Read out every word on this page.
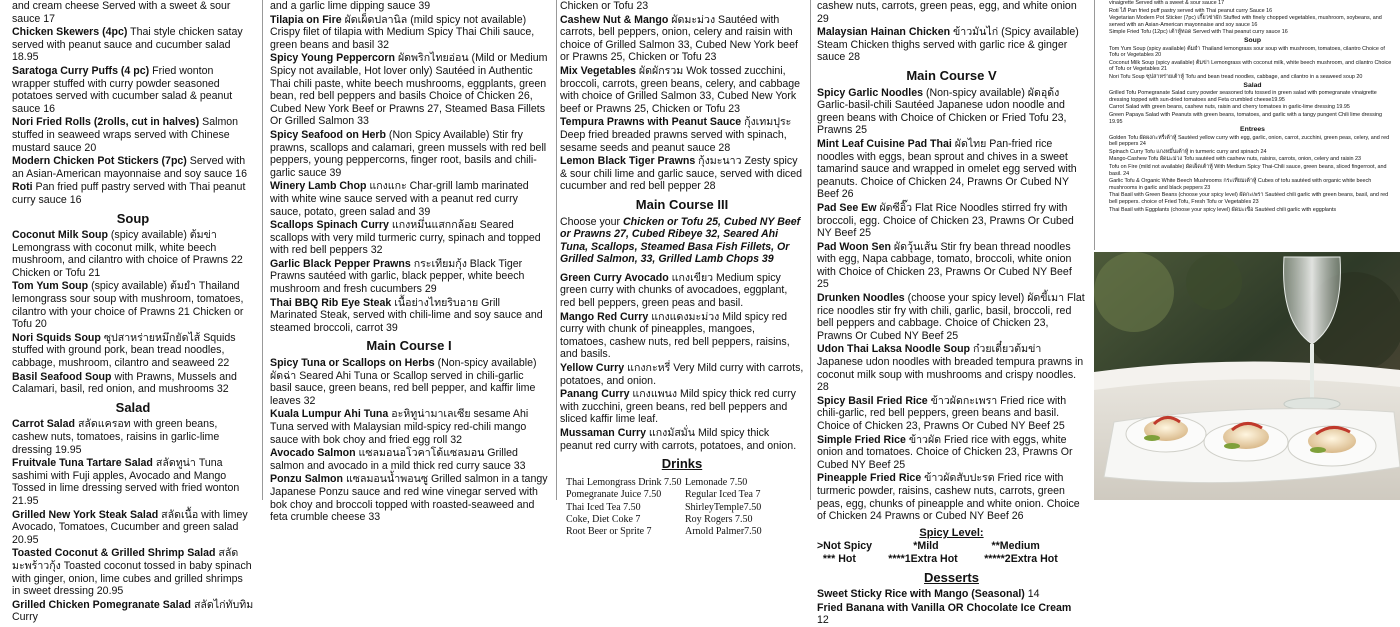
and cream cheese Served with a sweet & sour sauce 17
Chicken Skewers (4pc) Thai style chicken satay served with peanut sauce and cucumber salad 18.95
Saratoga Curry Puffs (4 pc) Fried wonton wrapper stuffed with curry powder seasoned potatoes served with cucumber salad & peanut sauce 16
Nori Fried Rolls (2rolls, cut in halves) Salmon stuffed in seaweed wraps served with Chinese mustard sauce 20
Modern Chicken Pot Stickers (7pc) Served with an Asian-American mayonnaise and soy sauce 16
Roti Pan fried puff pastry served with Thai peanut curry sauce 16
Soup
Coconut Milk Soup (spicy available) ต้มข่า Lemongrass with coconut milk, white beech mushroom, and cilantro with choice of Prawns 22 Chicken or Tofu 21
Tom Yum Soup (spicy available) ต้มยำ Thailand lemongrass sour soup with mushroom, tomatoes, cilantro with your choice of Prawns 21 Chicken or Tofu 20
Nori Squids Soup ซุปสาหร่ายหมึกยัดไส้ Squids stuffed with ground pork, bean tread noodles, cabbage, mushroom, cilantro and seaweed 22
Basil Seafood Soup with Prawns, Mussels and Calamari, basil, red onion, and mushrooms 32
Salad
Carrot Salad สลัดแครอท with green beans, cashew nuts, tomatoes, raisins in garlic-lime dressing 19.95
Fruitvale Tuna Tartare Salad สลัดทูน่า Tuna sashimi with Fuji apples, Avocado and Mango Tossed in lime dressing served with fried wonton 21.95
Grilled New York Steak Salad สลัดเนื้อ with limey Avocado, Tomatoes, Cucumber and green salad 20.95
Toasted Coconut & Grilled Shrimp Salad สลัดมะพร้าวกุ้ง Toasted coconut tossed in baby spinach with ginger, onion, lime cubes and grilled shrimps in sweet dressing 20.95
Grilled Chicken Pomegranate Salad สลัดไก่ทับทิม Curry
and a garlic lime dipping sauce 39
Tilapia on Fire ผัดเผ็ดปลานิล (mild spicy not available) Crispy filet of tilapia with Medium Spicy Thai Chili sauce, green beans and basil 32
Spicy Young Peppercorn ผัดพริกไทยอ่อน (Mild or Medium Spicy not available, Hot lover only) Sautéed in Authentic Thai chili paste, white beech mushrooms, eggplants, green bean, red bell peppers and basils Choice of Chicken 26, Cubed New York Beef or Prawns 27, Steamed Basa Fillets Or Grilled Salmon 33
Spicy Seafood on Herb (Non Spicy Available) Stir fry prawns, scallops and calamari, green mussels with red bell peppers, young peppercorns, finger root, basils and chili-garlic sauce 39
Winery Lamb Chop แกงแกะ Char-grill lamb marinated with white wine sauce served with a peanut red curry sauce, potato, green salad and 39
Scallops Spinach Curry แกงหมึ่นแสกกล้อย Seared scallops with very mild turmeric curry, spinach and topped with red bell peppers 32
Garlic Black Pepper Prawns กระเทียมกุ้ง Black Tiger Prawns sautéed with garlic, black pepper, white beech mushroom and fresh cucumbers 29
Thai BBQ Rib Eye Steak เนื้อย่างไทยริบอาย Grill Marinated Steak, served with chili-lime and soy sauce and steamed broccoli, carrot 39
Main Course I
Spicy Tuna or Scallops on Herbs (Non-spicy available) ผัดฉ่า Seared Ahi Tuna or Scallop served in chili-garlic basil sauce, green beans, red bell pepper, and kaffir lime leaves 32
Kuala Lumpur Ahi Tuna อะหิทูน่ามาเลเซีย sesame Ahi Tuna served with Malaysian mild-spicy red-chili mango sauce with bok choy and fried egg roll 32
Avocado Salmon แซลมอนอโวคาโด้แซลมอน Grilled salmon and avocado in a mild thick red curry sauce 33
Ponzu Salmon แซลมอนน้ำพอนซู Grilled salmon in a tangy Japanese Ponzu sauce and red wine vinegar served with bok choy and broccoli topped with roasted-seaweed and feta crumble cheese 33
Chicken or Tofu 23
Cashew Nut & Mango ผัดมะม่วง Sautéed with carrots, bell peppers, onion, celery and raisin with choice of Grilled Salmon 33, Cubed New York beef or Prawns 25, Chicken or Tofu 23
Mix Vegetables ผัดผักรวม Wok tossed zucchini, broccoli, carrots, green beans, celery, and cabbage with choice of Grilled Salmon 33, Cubed New York beef or Prawns 25, Chicken or Tofu 23
Tempura Prawns with Peanut Sauce กุ้งเทมปุระ Deep fried breaded prawns served with spinach, sesame seeds and peanut sauce 28
Lemon Black Tiger Prawns กุ้งมะนาว Zesty spicy & sour chili lime and garlic sauce, served with diced cucumber and red bell pepper 28
Main Course III
Choose your Chicken or Tofu 25, Cubed NY Beef or Prawns 27, Cubed Ribeye 32, Seared Ahi Tuna, Scallops, Steamed Basa Fish Fillets, Or Grilled Salmon, 33, Grilled Lamb Chops 39
Green Curry Avocado แกงเขียว Medium spicy green curry with chunks of avocadoes, eggplant, red bell peppers, green peas and basil.
Mango Red Curry แกงแดงมะม่วง Mild spicy red curry with chunk of pineapples, mangoes, tomatoes, cashew nuts, red bell peppers, raisins, and basils.
Yellow Curry แกงกะหรี่ Very Mild curry with carrots, potatoes, and onion.
Panang Curry แกงแพนง Mild spicy thick red curry with zucchini, green beans, red bell peppers and sliced kaffir lime leaf.
Mussaman Curry แกงมัสมั่น Mild spicy thick peanut red curry with carrots, potatoes, and onion.
Drinks
Thai Lemongrass Drink 7.50
Pomegranate Juice 7.50
Thai Iced Tea 7.50
Coke, Diet Coke 7
Root Beer or Sprite 7
Lemonade 7.50
Regular Iced Tea 7
ShirleyTemple7.50
Roy Rogers 7.50
Arnold Palmer7.50
cashew nuts, carrots, green peas, egg, and white onion 29
Malaysian Hainan Chicken ข้าวมันไก่ (Spicy available) Steam Chicken thighs served with garlic rice & ginger sauce 28
Main Course V
Spicy Garlic Noodles (Non-spicy available) ผัดอุด้ง Garlic-basil-chili Sautéed Japanese udon noodle and green beans with Choice of Chicken or Fried Tofu 23, Prawns 25
Mint Leaf Cuisine Pad Thai ผัดไทย Pan-fried rice noodles with eggs, bean sprout and chives in a sweet tamarind sauce and wrapped in omelet egg served with peanuts. Choice of Chicken 24, Prawns Or Cubed NY Beef 26
Pad See Ew ผัดซีอิ๊ว Flat Rice Noodles stirred fry with broccoli, egg. Choice of Chicken 23, Prawns Or Cubed NY Beef 25
Pad Woon Sen ผัดวุ้นเส้น Stir fry bean thread noodles with egg, Napa cabbage, tomato, broccoli, white onion with Choice of Chicken 23, Prawns Or Cubed NY Beef 25
Drunken Noodles (choose your spicy level) ผัดขี้เมา Flat rice noodles stir fry with chili, garlic, basil, broccoli, red bell peppers and cabbage. Choice of Chicken 23, Prawns Or Cubed NY Beef 25
Udon Thai Laksa Noodle Soup ก๋วยเตี๋ยวต้มข่า Japanese udon noodles with breaded tempura prawns in coconut milk soup with mushrooms and crispy noodles. 28
Spicy Basil Fried Rice ข้าวผัดกะเพรา Fried rice with chili-garlic, red bell peppers, green beans and basil. Choice of Chicken 23, Prawns Or Cubed NY Beef 25
Simple Fried Rice ข้าวผัด Fried rice with eggs, white onion and tomatoes. Choice of Chicken 23, Prawns Or Cubed NY Beef 25
Pineapple Fried Rice ข้าวผัดสับปะรด Fried rice with turmeric powder, raisins, cashew nuts, carrots, green peas, egg, chunks of pineapple and white onion. Choice of Chicken 24 Prawns or Cubed NY Beef 26
Spicy Level:
>Not Spicy              *Mild                  **Medium
*** Hot           ****1Extra Hot         *****2Extra Hot
Desserts
Sweet Sticky Rice with Mango (Seasonal) 14
Fried Banana with Vanilla OR Chocolate Ice Cream 12
vinaigrette Served with a sweet & sour sauce 17
Roti ไส้ Pan fried puff pastry served with Thai peanut curry Sauce 16
Vegetarian Modern Pot Sticker (7pc) เกี๊ยวซ่าผัก Stuffed with finely chopped vegetables, mushroom, soybeans, and served with an Asian-American mayonnaise and soy sauce 16
Simple Fried Tofu (12pc) เต้าหู้ทอด Served with Thai peanut curry sauce 16
Soup
Tom Yum Soup (spicy available) ต้มยำ Thailand lemongrass sour soup with mushroom, tomatoes, cilantro Choice of Tofu or Vegetables 20
Coconut Milk Soup (spicy available) ต้มข่า Lemongrass with coconut milk, white beech mushroom, and cilantro Choice of Tofu or Vegetables 21
Nori Tofu Soup ซุปสาหร่ายเต้าหู้ Tofu and bean tread noodles, cabbage, and cilantro in a seaweed soup 20
Salad
Grilled Tofu Pomegranate Salad curry powder seasoned tofu tossed in green salad with pomegranate vinaigrette dressing topped with sun-dried tomatoes and Feta crumbled cheese19.95
Carrot Salad with green beans, cashew nuts, raisin and cherry tomatoes in garlic-lime dressing 19.95
Green Papaya Salad with Peanuts with green beans, tomatoes, and garlic with a tangy pungent Chili lime dressing 19.95
Entrees
Golden Tofu ผัดผงกะหรี่เต้าหู้ Sautéed yellow curry with egg, garlic, onion, carrot, zucchini, green peas, celery, and red bell peppers 24
Spinach Curry Tofu แกงหมึ่นเต้าหู้ in turmeric curry and spinach 24
Mango-Cashew Tofu ผัดมะม่วง Tofu sautéed with cashew nuts, raisins, carrots, onion, celery and raisin 23
Tofu on Fire (mild not available) ผัดเผ็ดเต้าหู้ With Medium Spicy Thai-Chili sauce, green beans, sliced fingerroot, and basil. 24
Garlic Tofu & Organic White Beech Mushrooms กระเทียมเต้าหู้ Cubes of tofu sautéed with organic white beech mushrooms in garlic and black peppers 23
Thai Basil with Green Beans (choose your spicy level) ผัดกะเพรา Sautéed chili garlic with green beans, basil, and red bell peppers. choice of Fried Tofu, Fresh Tofu or Vegetables 23
Thai Basil with Eggplants (choose your spicy level) ผัดมะเขือ Sautéed chili garlic with eggplants
